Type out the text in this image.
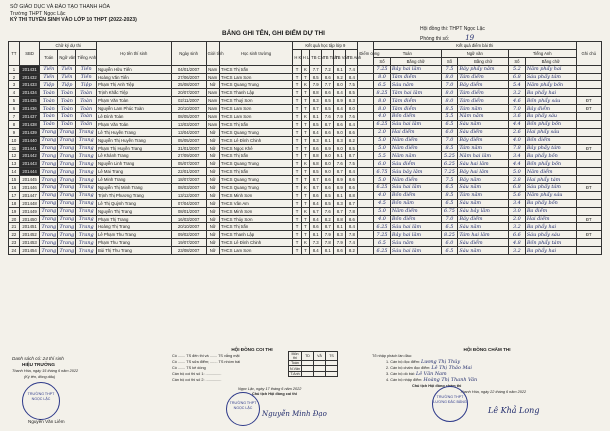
SỞ GIÁO DỤC VÀ ĐÀO TẠO THANH HÓA
Trường THPT Ngọc Lặc
KỲ THI TUYỂN SINH VÀO LỚP 10 THPT (2022-2023)
BẢNG GHI TÊN, GHI ĐIỂM DỰ THI
Hội đồng thi: THPT Ngọc Lặc
Phòng thi số: 19
TT	SBD	Chữ ký dự thi			Họ tên thí sinh	Ngày sinh	Giới tính	Học sinh trường	Kết quả học tập lớp 9						Điểm cộng	Kết quả điểm bài thi						Ghi chú
		Toán	Ngữ văn	Tiếng Anh					H K	H L	TB CN	TB Toán	TB Văn	TB Anh		Toán		Ngữ văn		Tiếng Anh		
																Số	Bằng chữ	Số	Bằng chữ	Số	Bằng chữ	
1	201431	Tiến	Tiến	Tiến	Nguyễn Hữu Tiến	04/01/2007	Nam	THCS Thị trấn	T	K	7.7	7.2	8.1	7.4		7.25	Bảy hai lăm	7.5	Bảy phẩy năm	5.2	Năm phẩy hai	
2	201432	Tiến	Tiến	Tiến	Hoàng Văn Tiến	27/06/2007	Nam	THCS Lam Sơn	T	T	8.5	8.6	9.2	8.4		8.0	Tám điểm	8.0	Tám điểm	6.8	Sáu phẩy tám	
3	201433	Tiệp	Tiệp	Tiệp	Phạm Thị Anh Tiệp	25/08/2007	Nữ	THCS Quang Trung	T	K	7.9	7.7	8.0	7.5		6.5	Sáu năm	7.0	Bảy điểm	5.4	Năm phẩy bốn	
4	201434	Toàn	Toàn	Toàn	Trịnh Khắc Tiệp	20/07/2007	Nam	THCS Thanh Lập	T	T	8.8	8.6	8.4	8.5		8.25	Tám hai lăm	8.0	Tám điểm	3.2	Ba phẩy hai	
5	201435	Toàn	Toàn	Toàn	Phạm Văn Toàn	02/11/2007	Nam	THCS Thuý Sơn	T	T	8.3	8.5	8.9	8.3		8.0	Tám điểm	8.0	Tám điểm	4.6	Bốn phẩy sáu	ĐT
6	201436	Toàn	Toàn	Toàn	Nguyễn Lam Phúc Toàn	20/10/2007	Nam	THCS Lam Sơn	T	T	8.7	8.5	8.4	8.0		8.0	Tám điểm	8.5	Tám năm	7.0	Bảy điểm	ĐT
7	201437	Toàn	Toàn	Toàn	Lê Đình Toàn	08/05/2007	Nam	THCS Lam Sơn	T	K	8.1	7.6	7.9	7.6		4.0	Bốn điểm	5.5	Năm năm	3.6	Ba phẩy sáu	
8	201438	Toản	Toản	Toản	Phạm Văn Toản	13/03/2007	Nam	THCS Thị trấn	T	T	8.5	8.7	8.6	8.4		6.25	Sáu hai lăm	6.5	Sáu năm	4.4	Bốn phẩy bốn	
9	201439	Trang	Trang	Trang	Lê Thị Huyền Trang	13/04/2007	Nữ	THCS Quang Trung	T	T	8.4	8.6	9.0	8.6		2.0	Hai điểm	6.0	Sáu điểm	2.6	Hai phẩy sáu	
10	201440	Trang	Trang	Trang	Nguyễn Thị Huyền Trang	05/05/2007	Nữ	THCS Lê Đình Chinh	T	T	8.3	8.1	8.3	8.2		5.0	Năm điểm	7.0	Bảy điểm	4.0	Bốn điểm	
11	201441	Trang	Trang	Trang	Phạm Thị Huyền Trang	31/01/2007	Nữ	THCS Ngọc Khê	T	T	8.6	8.9	9.0	8.5		5.0	Năm điểm	8.5	Tám năm	7.8	Bảy phẩy tám	ĐT
12	201442	Trang	Trang	Trang	Lê Khánh Trang	27/09/2007	Nữ	THCS Thị trấn	T	T	8.8	9.0	9.1	8.7		5.5	Năm năm	5.25	Năm hai lăm	3.4	Ba phẩy bốn	
13	201443	Trang	Trang	Trang	Nguyễn Linh Trang	05/07/2007	Nữ	THCS Quang Trung	T	K	6.8	8.0	7.6	7.5		6.0	Sáu điểm	6.25	Sáu hai lăm	4.4	Bốn phẩy bốn	
14	201444	Trang	Trang	Trang	Lê Mai Trang	22/01/2007	Nữ	THCS Thị trấn	T	T	8.5	9.0	8.7	8.4		6.75	Sáu bảy lăm	7.25	Bảy hai lăm	5.0	Năm điểm	
15	201445	Trang	Trang	Trang	Lê Minh Trang	18/07/2007	Nữ	THCS Quang Trung	T	T	8.7	8.6	8.9	8.6		5.0	Năm điểm	7.5	Bảy năm	2.8	Hai phẩy tám	
16	201446	Trang	Trang	Trang	Nguyễn Thị Minh Trang	08/03/2007	Nữ	THCS Quang Trung	T	K	8.7	8.6	8.9	8.6		6.25	Sáu hai lăm	6.5	Sáu năm	6.8	Sáu phẩy tám	ĐT
17	201447	Trang	Trang	Trang	Trịnh Thị Phương Trang	13/12/2007	Nữ	THCS Minh Sơn	T	T	8.6	8.5	8.1	8.8		4.0	Bốn điểm	8.5	Tám năm	5.6	Năm phẩy sáu	
18	201448	Trang	Trang	Trang	Lê Thị Quỳnh Trang	07/04/2007	Nữ	THCS Vân Am	T	T	8.4	8.5	8.3	8.7		4.5	Bốn năm	6.5	Sáu năm	3.4	Ba phẩy bốn	
19	201449	Trang	Trang	Trang	Nguyễn Thị Trang	08/01/2007	Nữ	THCS Minh Sơn	T	K	6.7	7.6	8.7	7.8		5.0	Năm điểm	6.75	Sáu bảy lăm	3.0	Ba điểm	
20	201450	Trang	Trang	Trang	Phạm Thị Trang	16/03/2007	Nữ	THCS Thúy Sơn	T	T	8.4	8.2	8.8	8.6		4.0	Bốn điểm	7.0	Bảy điểm	2.0	Hai điểm	ĐT
21	201451	Trang	Trang	Trang	Hoàng Thị Trang	20/10/2007	Nữ	THCS Thị trấn	T	T	8.6	8.7	8.1	8.4		6.25	Sáu hai lăm	6.5	Sáu năm	3.2	Ba phẩy hai	
22	201452	Trang	Trang	Trang	Lê Phạm Thu Trang	09/02/2007	Nữ	THCS Thanh Lập	T	T	8.1	7.9	8.3	7.8		7.25	Bảy hai lăm	8.25	Tám hai lăm	6.6	Sáu phẩy sáu	ĐT
23	201453	Trang	Trang	Trang	Phạm Thu Trang	19/07/2007	Nữ	THCS Lê Đình Chinh	T	K	7.3	7.8	7.9	7.4		6.5	Sáu năm	6.0	Sáu điểm	4.8	Bốn phẩy tám	
24	201454	Trang	Trang	Trang	Bùi Thị Thu Trang	23/08/2007	Nữ	THCS Lam Sơn	T	T	8.4	8.1	8.6	8.2		6.25	Sáu hai lăm	6.5	Sáu năm	3.2	Ba phẩy hai	
Danh sách có: 24 thí sinh
HIỆU TRƯỞNG
Thanh Hóa, ngày 15 tháng 6 năm 2022
(Ký tên, đóng dấu)
TRƯỜNG THPT NGỌC LẶC
Nguyễn Văn Liêm
HỘI ĐỒNG COI THI
Có ....... TS đến thi và ....... TS vắng mặt
Có ....... TS sửa điểm; ....... TS nhóm bài
Có ....... TS kẻ dòng
Cán bộ coi thi số 1: ...............
Cán bộ coi thi số 2: ...............
Môn thi	TD	VẮ	TS
Toán			
N.Văn			
T.Anh			
Ngọc Lặc, ngày 17 tháng 6 năm 2022
Chủ tịch Hội đồng coi thi
TRƯỜNG THPT NGỌC LẶC
Nguyễn Minh Đạo
HỘI ĐỒNG CHẤM THI
Tổ nhập phách lần đầu:
1. Cán bộ đọc điểm: Lương Thị Thủy
2. Cán bộ chấm đọc điểm: Lê Thị Thảo Mai
3. Cán bộ dò bài: Lê Văn Nam
4. Cán bộ nhập điểm: Hoàng Thị Thanh Vân
Chủ tịch Hội đồng chấm thi
Thanh Hóa, ngày 22 tháng 6 năm 2022
TRƯỜNG THPT LƯƠNG ĐẮC BẰNG
Lê Khả Long
